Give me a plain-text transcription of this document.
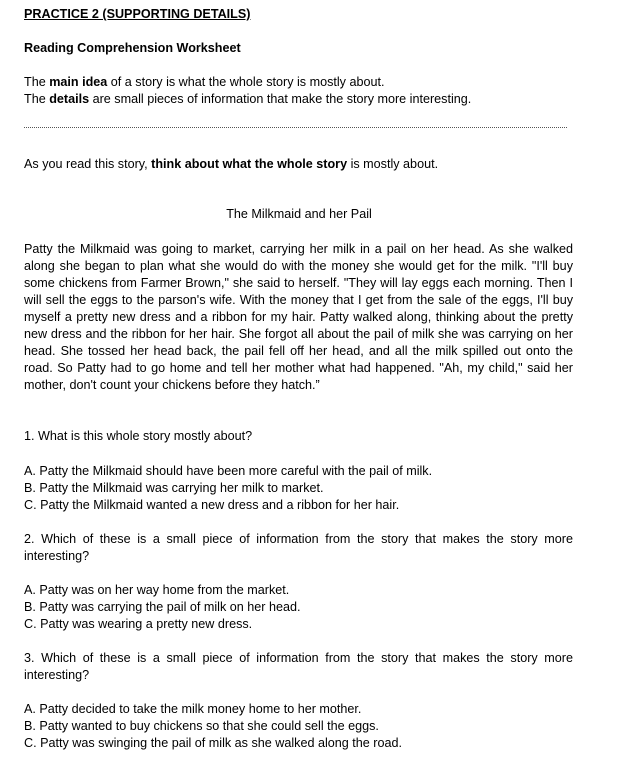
PRACTICE 2 (SUPPORTING DETAILS)
Reading Comprehension Worksheet
The main idea of a story is what the whole story is mostly about.
The details are small pieces of information that make the story more interesting.
As you read this story, think about what the whole story is mostly about.
The Milkmaid and her Pail
Patty the Milkmaid was going to market, carrying her milk in a pail on her head. As she walked along she began to plan what she would do with the money she would get for the milk. "I'll buy some chickens from Farmer Brown," she said to herself. "They will lay eggs each morning. Then I will sell the eggs to the parson's wife. With the money that I get from the sale of the eggs, I'll buy myself a pretty new dress and a ribbon for my hair. Patty walked along, thinking about the pretty new dress and the ribbon for her hair. She forgot all about the pail of milk she was carrying on her head. She tossed her head back, the pail fell off her head, and all the milk spilled out onto the road. So Patty had to go home and tell her mother what had happened. "Ah, my child," said her mother, don't count your chickens before they hatch.”
1. What is this whole story mostly about?
A. Patty the Milkmaid should have been more careful with the pail of milk.
B. Patty the Milkmaid was carrying her milk to market.
C. Patty the Milkmaid wanted a new dress and a ribbon for her hair.
2. Which of these is a small piece of information from the story that makes the story more interesting?
A. Patty was on her way home from the market.
B. Patty was carrying the pail of milk on her head.
C. Patty was wearing a pretty new dress.
3. Which of these is a small piece of information from the story that makes the story more interesting?
A. Patty decided to take the milk money home to her mother.
B. Patty wanted to buy chickens so that she could sell the eggs.
C. Patty was swinging the pail of milk as she walked along the road.
